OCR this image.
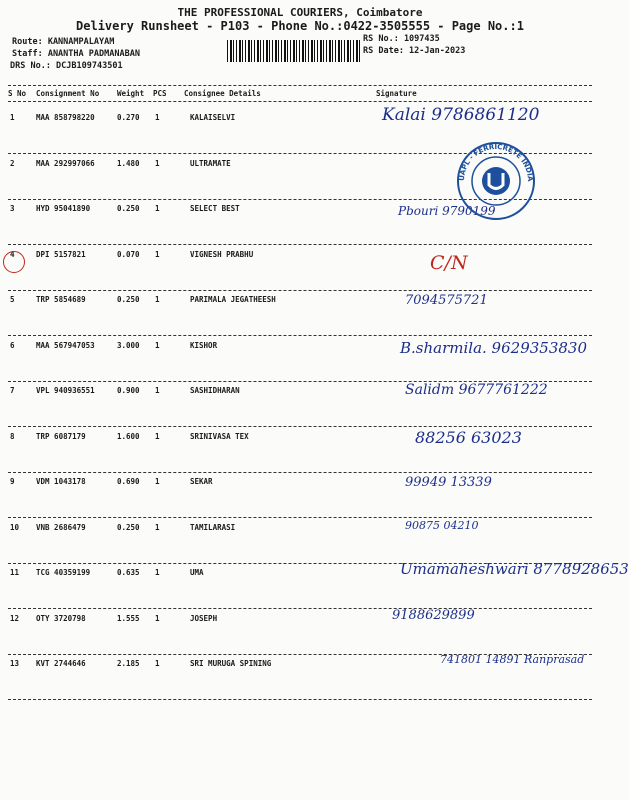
THE PROFESSIONAL COURIERS, Coimbatore
Delivery Runsheet - P103 - Phone No.:0422-3505555 - Page No.:1
Route: KANNAMPALAYAM
Staff: ANANTHA PADMANABAN
DRS No.: DCJB109743501
RS No.: 1097435
RS Date: 12-Jan-2023
S No Consignment No Weight PCS Consignee Details	Signature
1	MAA 858798220	0.270 1	KALAISELVI	Kalai 9786861120
2	MAA 292997066	1.480 1	ULTRAMATE
3	HYD 95041890	0.250 1	SELECT BEST	Pbouri 9790199
4	DPI 5157821	0.070 1	VIGNESH PRABHU	C/N
5	TRP 5854689	0.250 1	PARIMALA JEGATHEESH	7094575721
6	MAA 567947053	3.000 1	KISHOR	B.sharmila. 9629353830
7	VPL 940936551	0.900 1	SASHIDHARAN	Salidm 9677761222
8	TRP 6087179	1.600 1	SRINIVASA TEX	88256 63023
9	VDM 1043178	0.690 1	SEKAR	99949 13339
10 VNB 2686479	0.250 1	TAMILARASI	90875 04210
11 TCG 40359199	0.635 1	UMA	Umamaheshwari 8778928653
12 OTY 3720798	1.555 1	JOSEPH	9188629899
13 KVT 2744646	2.185 1	SRI MURUGA SPINING	741801 14891 Ranprasad
UAPL - FERRICRETE INDIA
